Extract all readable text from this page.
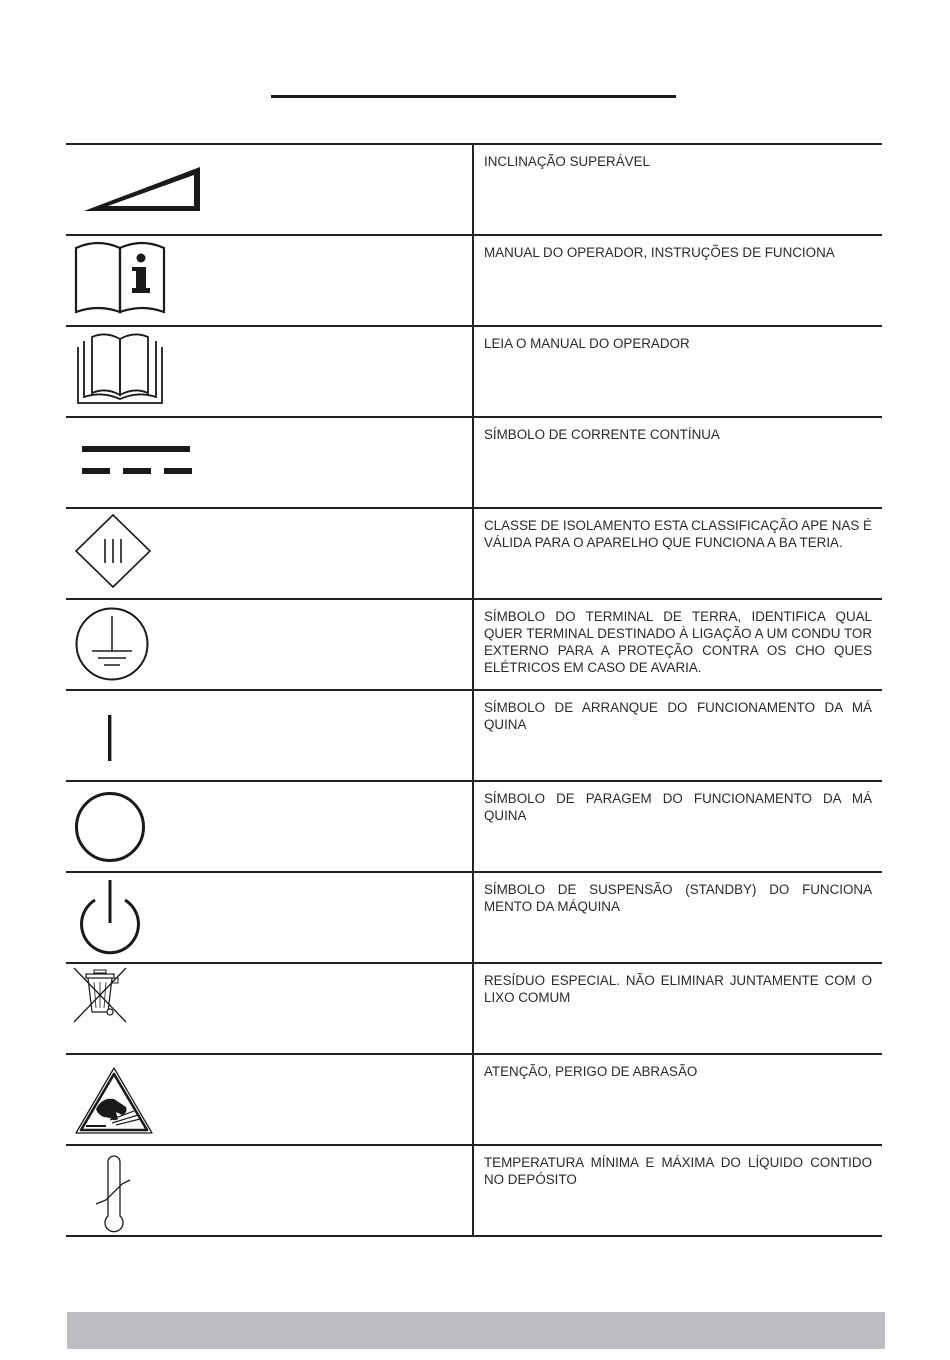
INCLINAÇÃO SUPERÁVEL
MANUAL DO OPERADOR, INSTRUÇÕES DE FUNCIONA
LEIA O MANUAL DO OPERADOR
SÍMBOLO DE CORRENTE CONTÍNUA
CLASSE DE ISOLAMENTO ESTA CLASSIFICAÇÃO APE NAS É VÁLIDA PARA O APARELHO QUE FUNCIONA A BA TERIA.
SÍMBOLO DO TERMINAL DE TERRA, IDENTIFICA QUAL QUER TERMINAL DESTINADO À LIGAÇÃO A UM CONDU TOR EXTERNO PARA A PROTEÇÃO CONTRA OS CHO QUES ELÉTRICOS EM CASO DE AVARIA.
SÍMBOLO DE ARRANQUE DO FUNCIONAMENTO DA MÁ QUINA
SÍMBOLO DE PARAGEM DO FUNCIONAMENTO DA MÁ QUINA
SÍMBOLO DE SUSPENSÃO (STANDBY) DO FUNCIONA MENTO DA MÁQUINA
RESÍDUO ESPECIAL. NÃO ELIMINAR JUNTAMENTE COM O LIXO COMUM
ATENÇÃO, PERIGO DE ABRASÃO
TEMPERATURA MÍNIMA E MÁXIMA DO LÍQUIDO CONTIDO NO DEPÓSITO
